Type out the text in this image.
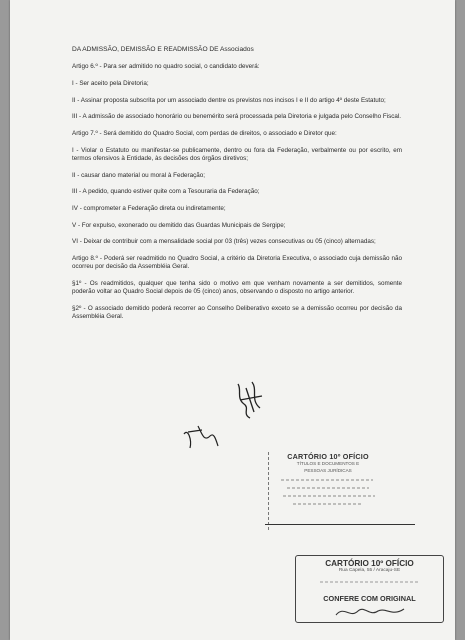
DA ADMISSÃO, DEMISSÃO E READMISSÃO DE Associados

Artigo 6.º - Para ser admitido no quadro social, o candidato deverá:

I - Ser aceito pela Diretoria;

II - Assinar proposta subscrita por um associado dentre os previstos nos incisos I e II do artigo 4º deste Estatuto;

III - A admissão de associado honorário ou benemérito será processada pela Diretoria e julgada pelo Conselho Fiscal.

Artigo 7.º - Será demitido do Quadro Social, com perdas de direitos, o associado e Diretor que:

I - Violar o Estatuto ou manifestar-se publicamente, dentro ou fora da Federação, verbalmente ou por escrito, em termos ofensivos à Entidade, às decisões dos órgãos diretivos;

II - causar dano material ou moral à Federação;

III - A pedido, quando estiver quite com a Tesouraria da Federação;

IV - comprometer a Federação direta ou indiretamente;

V - For expulso, exonerado ou demitido das Guardas Municipais de Sergipe;

VI - Deixar de contribuir com a mensalidade social por 03 (três) vezes consecutivas ou 05 (cinco) alternadas;

Artigo 8.º - Poderá ser readmitido no Quadro Social, a critério da Diretoria Executiva, o associado cuja demissão não ocorreu por decisão da Assembléia Geral.

§1º - Os readmitidos, qualquer que tenha sido o motivo em que venham novamente a ser demitidos, somente poderão voltar ao Quadro Social depois de 05 (cinco) anos, observando o disposto no artigo anterior.

§2º - O associado demitido poderá recorrer ao Conselho Deliberativo exceto se a demissão ocorreu por decisão da Assembléia Geral.

CARTÓRIO 10º OFÍCIO
TÍTULOS E DOCUMENTOS E
PESSOAS JURÍDICAS
CARTÓRIO 10º OFÍCIO
Rua Capela, 55 / Aracaju-SE
CONFERE COM ORIGINAL
